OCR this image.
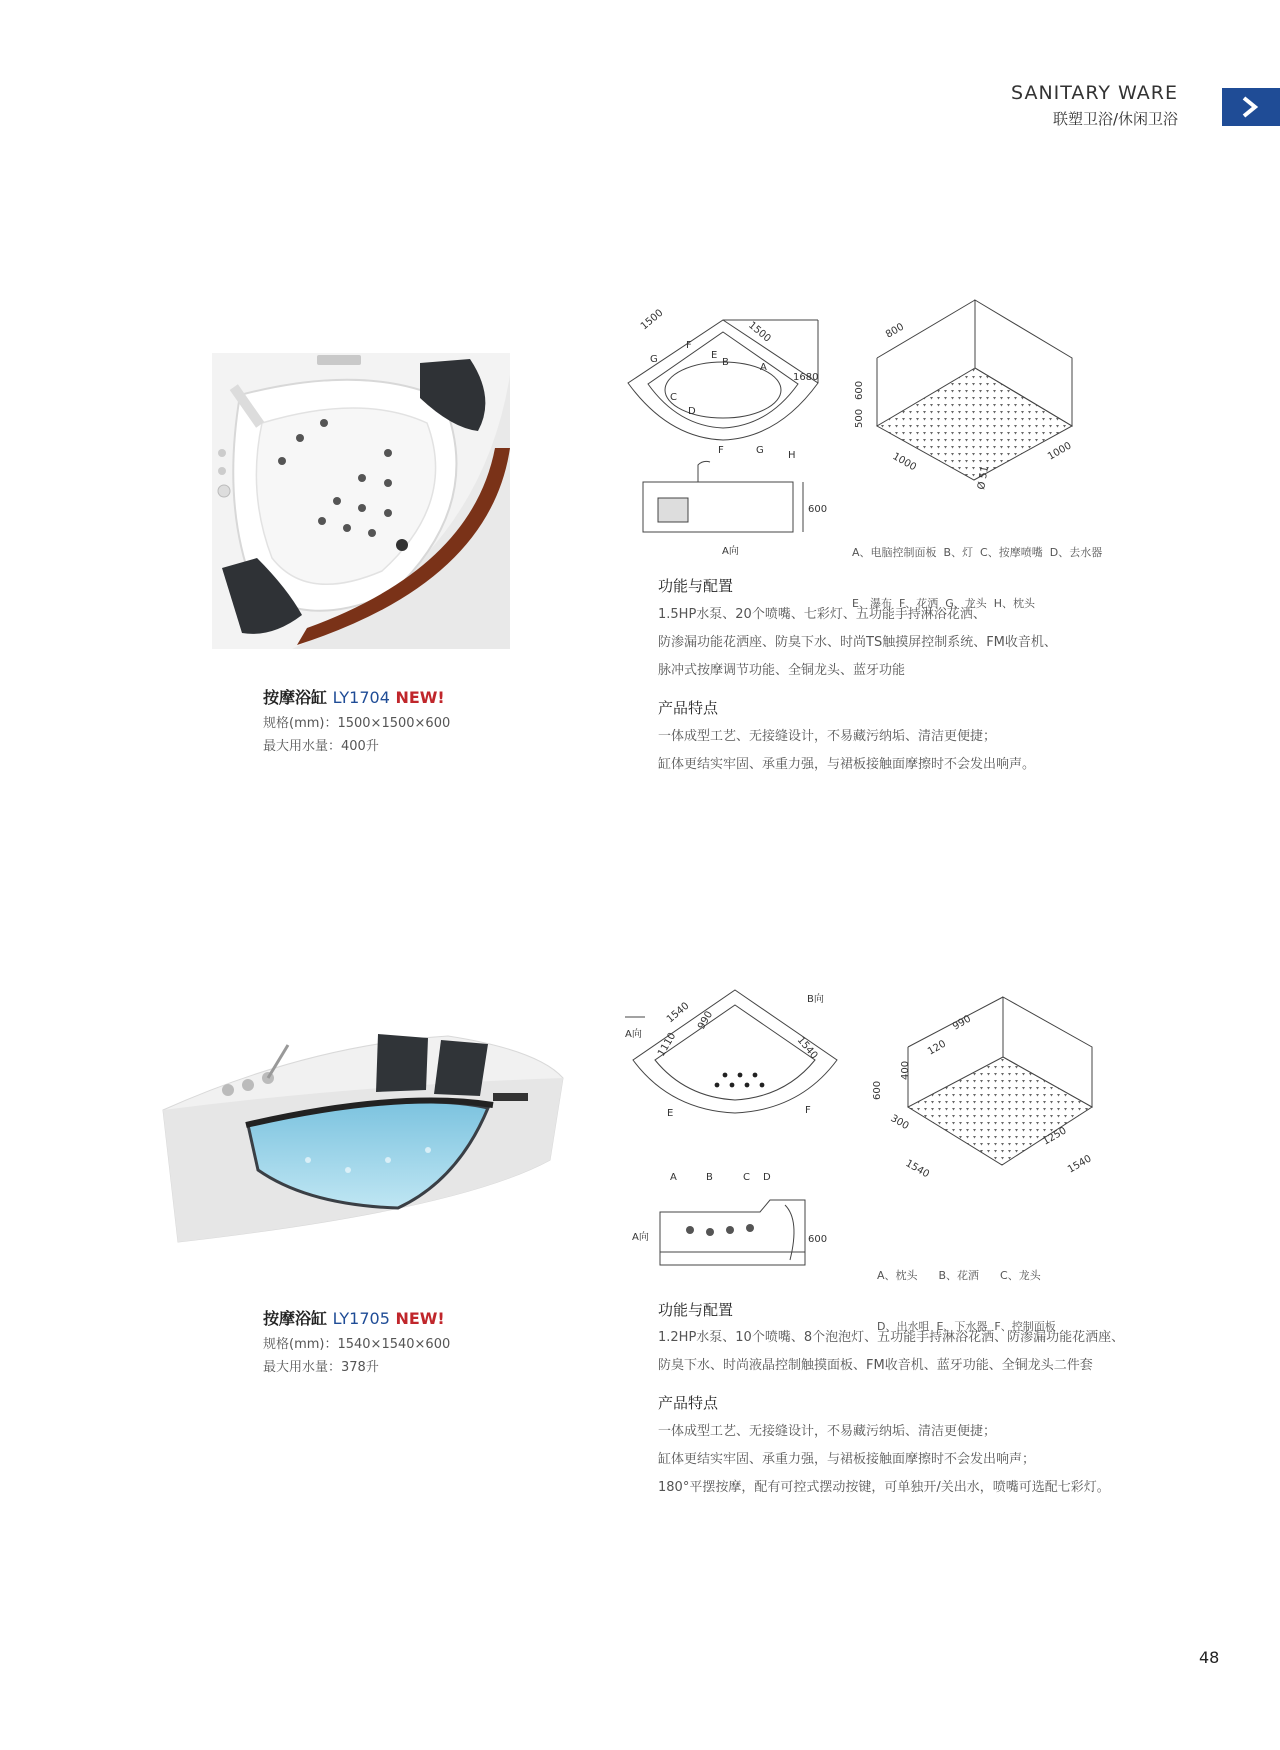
SANITARY WARE
联塑卫浴/休闲卫浴
按摩浴缸 LY1704 NEW!
规格(mm)：1500×1500×600
最大用水量：400升
1500	1500
1680
A
B
C
D
E
F
G
F	G H
600
A向
800
600
500
1000	1000
Ø 51

A、电脑控制面板  B、灯  C、按摩喷嘴  D、去水器

E、瀑布  F、花洒  G、龙头  H、枕头

功能与配置
1.5HP水泵、20个喷嘴、七彩灯、五功能手持淋浴花洒、
防渗漏功能花洒座、防臭下水、时尚TS触摸屏控制系统、FM收音机、
脉冲式按摩调节功能、全铜龙头、蓝牙功能
产品特点
一体成型工艺、无接缝设计，不易藏污纳垢、清洁更便捷；
缸体更结实牢固、承重力强，与裙板接触面摩擦时不会发出响声。
按摩浴缸 LY1705 NEW!
规格(mm)：1540×1540×600
最大用水量：378升
1540 990
1110	1540
A向
B向
E	F
A	B	C D
600
A向
990
120
600
400
300
1250
1540	1540

A、枕头      B、花洒      C、龙头

D、出水咀  E、下水器  F、控制面板

功能与配置
1.2HP水泵、10个喷嘴、8个泡泡灯、五功能手持淋浴花洒、防渗漏功能花洒座、
防臭下水、时尚液晶控制触摸面板、FM收音机、蓝牙功能、全铜龙头二件套
产品特点
一体成型工艺、无接缝设计，不易藏污纳垢、清洁更便捷；
缸体更结实牢固、承重力强，与裙板接触面摩擦时不会发出响声；
180°平摆按摩，配有可控式摆动按键，可单独开/关出水，喷嘴可选配七彩灯。
48
